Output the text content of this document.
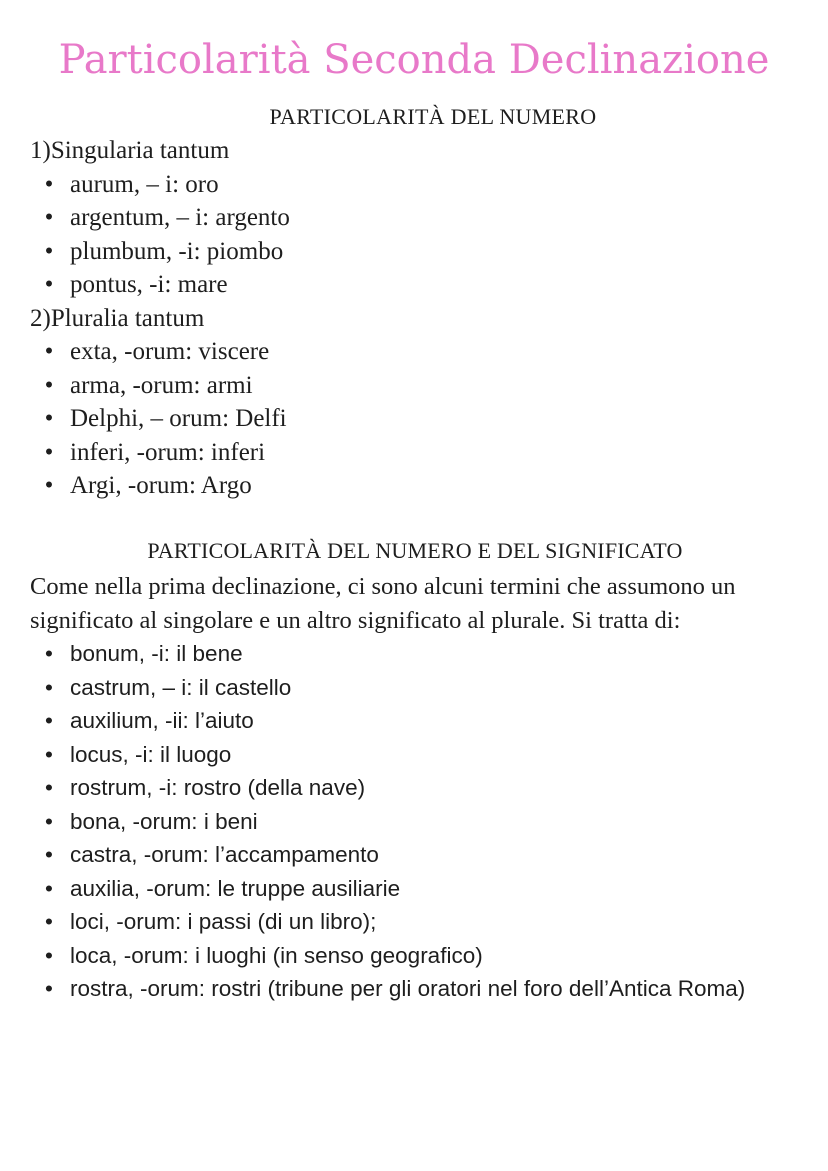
Particolarità Seconda Declinazione
PARTICOLARITÀ DEL NUMERO

1)Singularia tantum

• aurum, – i: oro
• argentum, – i: argento
• plumbum, -i: piombo
• pontus, -i: mare

2)Pluralia tantum

• exta, -orum: viscere
• arma, -orum: armi
• Delphi, – orum: Delfi
• inferi, -orum: inferi
• Argi, -orum: Argo
PARTICOLARITÀ DEL NUMERO E DEL SIGNIFICATO

Come nella prima declinazione, ci sono alcuni termini che assumono un significato al singolare e un altro significato al plurale. Si tratta di:

• bonum, -i: il bene
• castrum, – i: il castello
• auxilium, -ii: l’aiuto
• locus, -i: il luogo
• rostrum, -i: rostro (della nave)
• bona, -orum: i beni
• castra, -orum: l’accampamento
• auxilia, -orum: le truppe ausiliarie
• loci, -orum: i passi (di un libro);
• loca, -orum: i luoghi (in senso geografico)
• rostra, -orum: rostri (tribune per gli oratori nel foro dell’Antica Roma)
